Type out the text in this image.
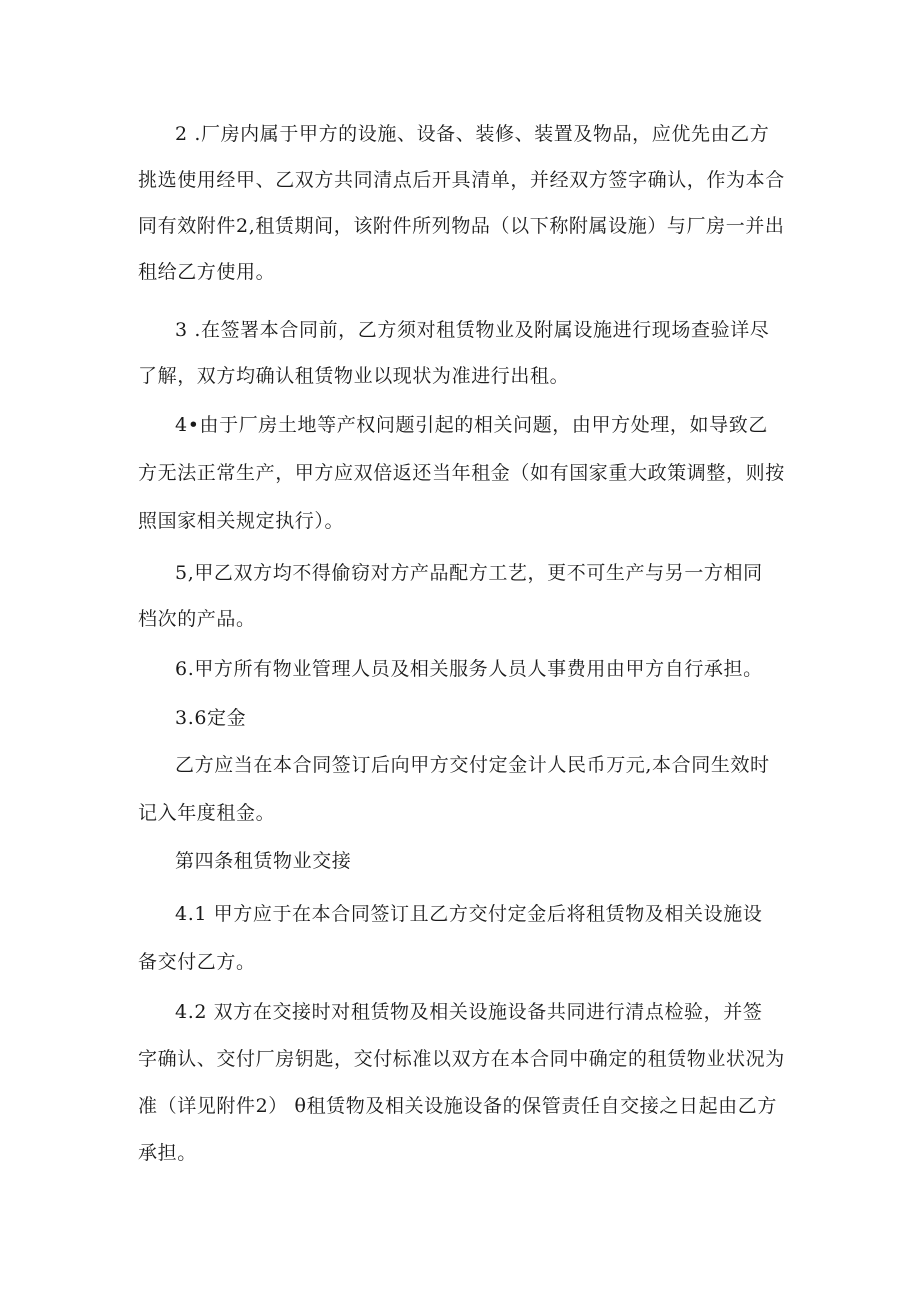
2 .厂房内属于甲方的设施、设备、装修、装置及物品，应优先由乙方
挑选使用经甲、乙双方共同清点后开具清单，并经双方签字确认，作为本合
同有效附件2,租赁期间，该附件所列物品（以下称附属设施）与厂房一并出
租给乙方使用。
3 .在签署本合同前，乙方须对租赁物业及附属设施进行现场查验详尽
了解，双方均确认租赁物业以现状为准进行出租。
4•由于厂房土地等产权问题引起的相关问题，由甲方处理，如导致乙
方无法正常生产，甲方应双倍返还当年租金（如有国家重大政策调整，则按
照国家相关规定执行）。
5,甲乙双方均不得偷窃对方产品配方工艺，更不可生产与另一方相同
档次的产品。
6.甲方所有物业管理人员及相关服务人员人事费用由甲方自行承担。
3.6定金
乙方应当在本合同签订后向甲方交付定金计人民币万元,本合同生效时
记入年度租金。
第四条租赁物业交接
4.1 甲方应于在本合同签订且乙方交付定金后将租赁物及相关设施设
备交付乙方。
4.2 双方在交接时对租赁物及相关设施设备共同进行清点检验，并签
字确认、交付厂房钥匙，交付标准以双方在本合同中确定的租赁物业状况为
准（详见附件2） θ租赁物及相关设施设备的保管责任自交接之日起由乙方
承担。
